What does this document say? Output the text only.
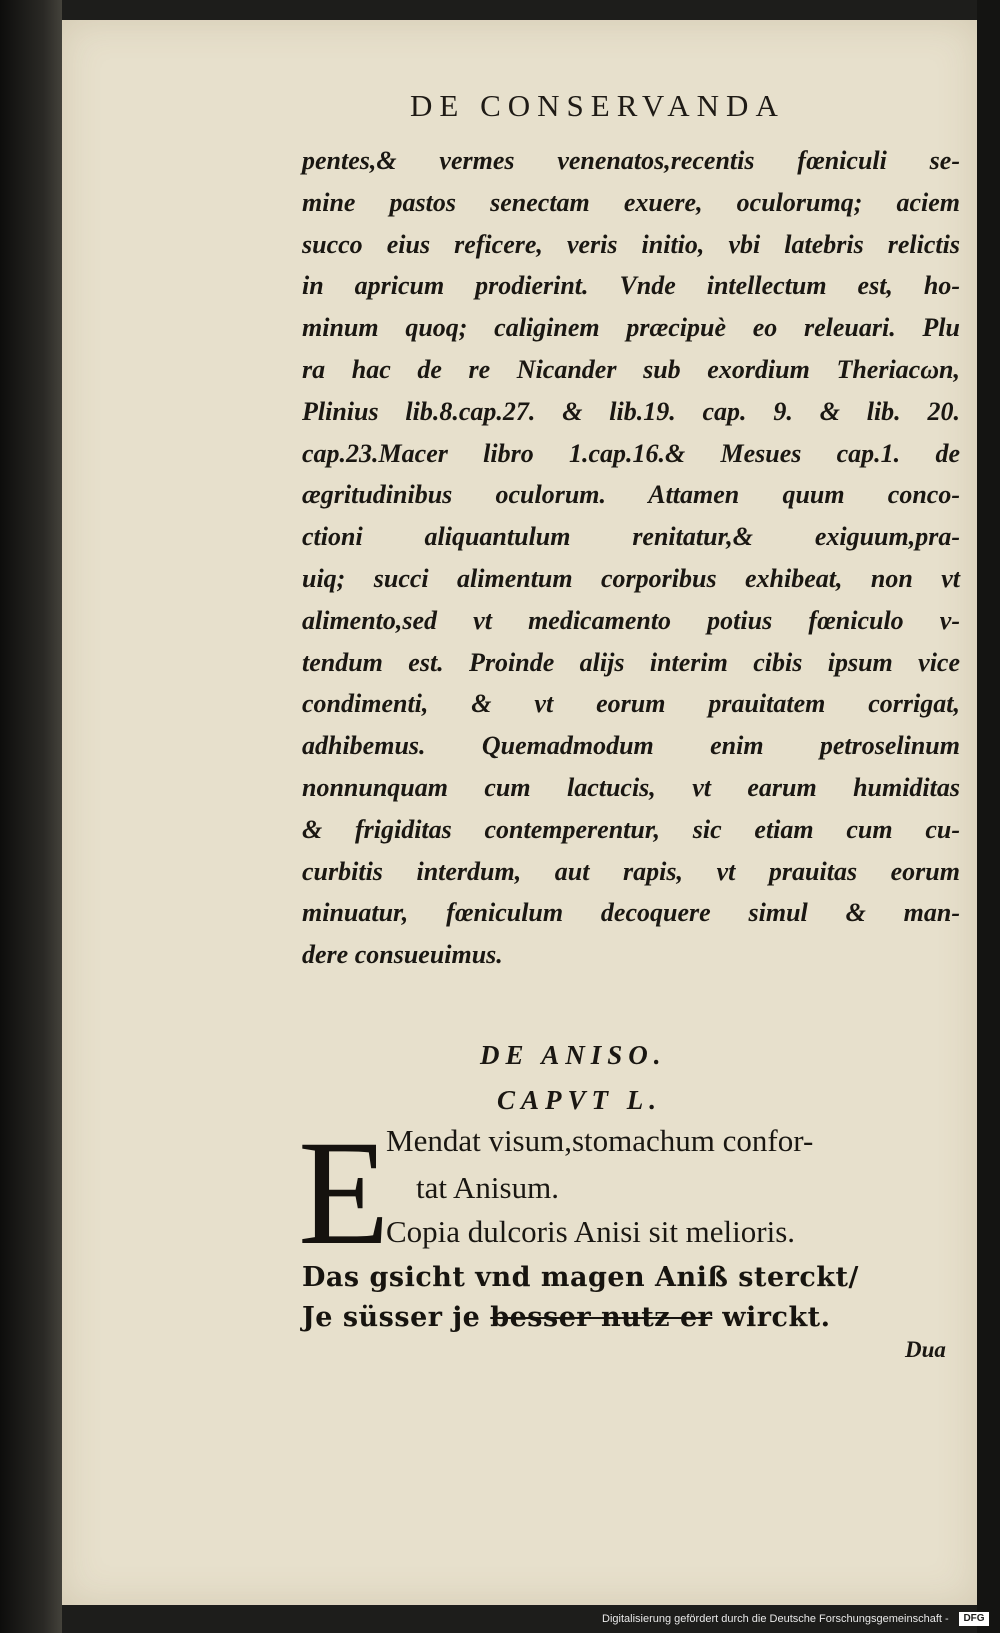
DE CONSERVANDA
pentes,& vermes venenatos,recentis fœniculi se-
mine pastos senectam exuere, oculorumq; aciem
succo eius reficere, veris initio, vbi latebris relictis
in apricum prodierint. Vnde intellectum est, ho-
minum quoq; caliginem præcipuè eo releuari. Plu
ra hac de re Nicander sub exordium Theriacωn,
Plinius lib.8.cap.27. & lib.19. cap. 9. & lib. 20.
cap.23.Macer libro 1.cap.16.& Mesues cap.1. de
ægritudinibus oculorum. Attamen quum conco-
ctioni aliquantulum renitatur,& exiguum,pra-
uiq; succi alimentum corporibus exhibeat, non vt
alimento,sed vt medicamento potius fœniculo v-
tendum est. Proinde alijs interim cibis ipsum vice
condimenti, & vt eorum prauitatem corrigat,
adhibemus. Quemadmodum enim petroselinum
nonnunquam cum lactucis, vt earum humiditas
& frigiditas contemperentur, sic etiam cum cu-
curbitis interdum, aut rapis, vt prauitas eorum
minuatur, fœniculum decoquere simul & man-
dere consueuimus.
DE ANISO.
CAPVT L.
E
Mendat visum,stomachum confor-
tat Anisum.
Copia dulcoris Anisi sit melioris.
Das gsicht vnd magen Aniß sterckt/
Je süsser je besser nutz er wirckt.
Dua
Digitalisierung gefördert durch die Deutsche Forschungsgemeinschaft -	DFG
